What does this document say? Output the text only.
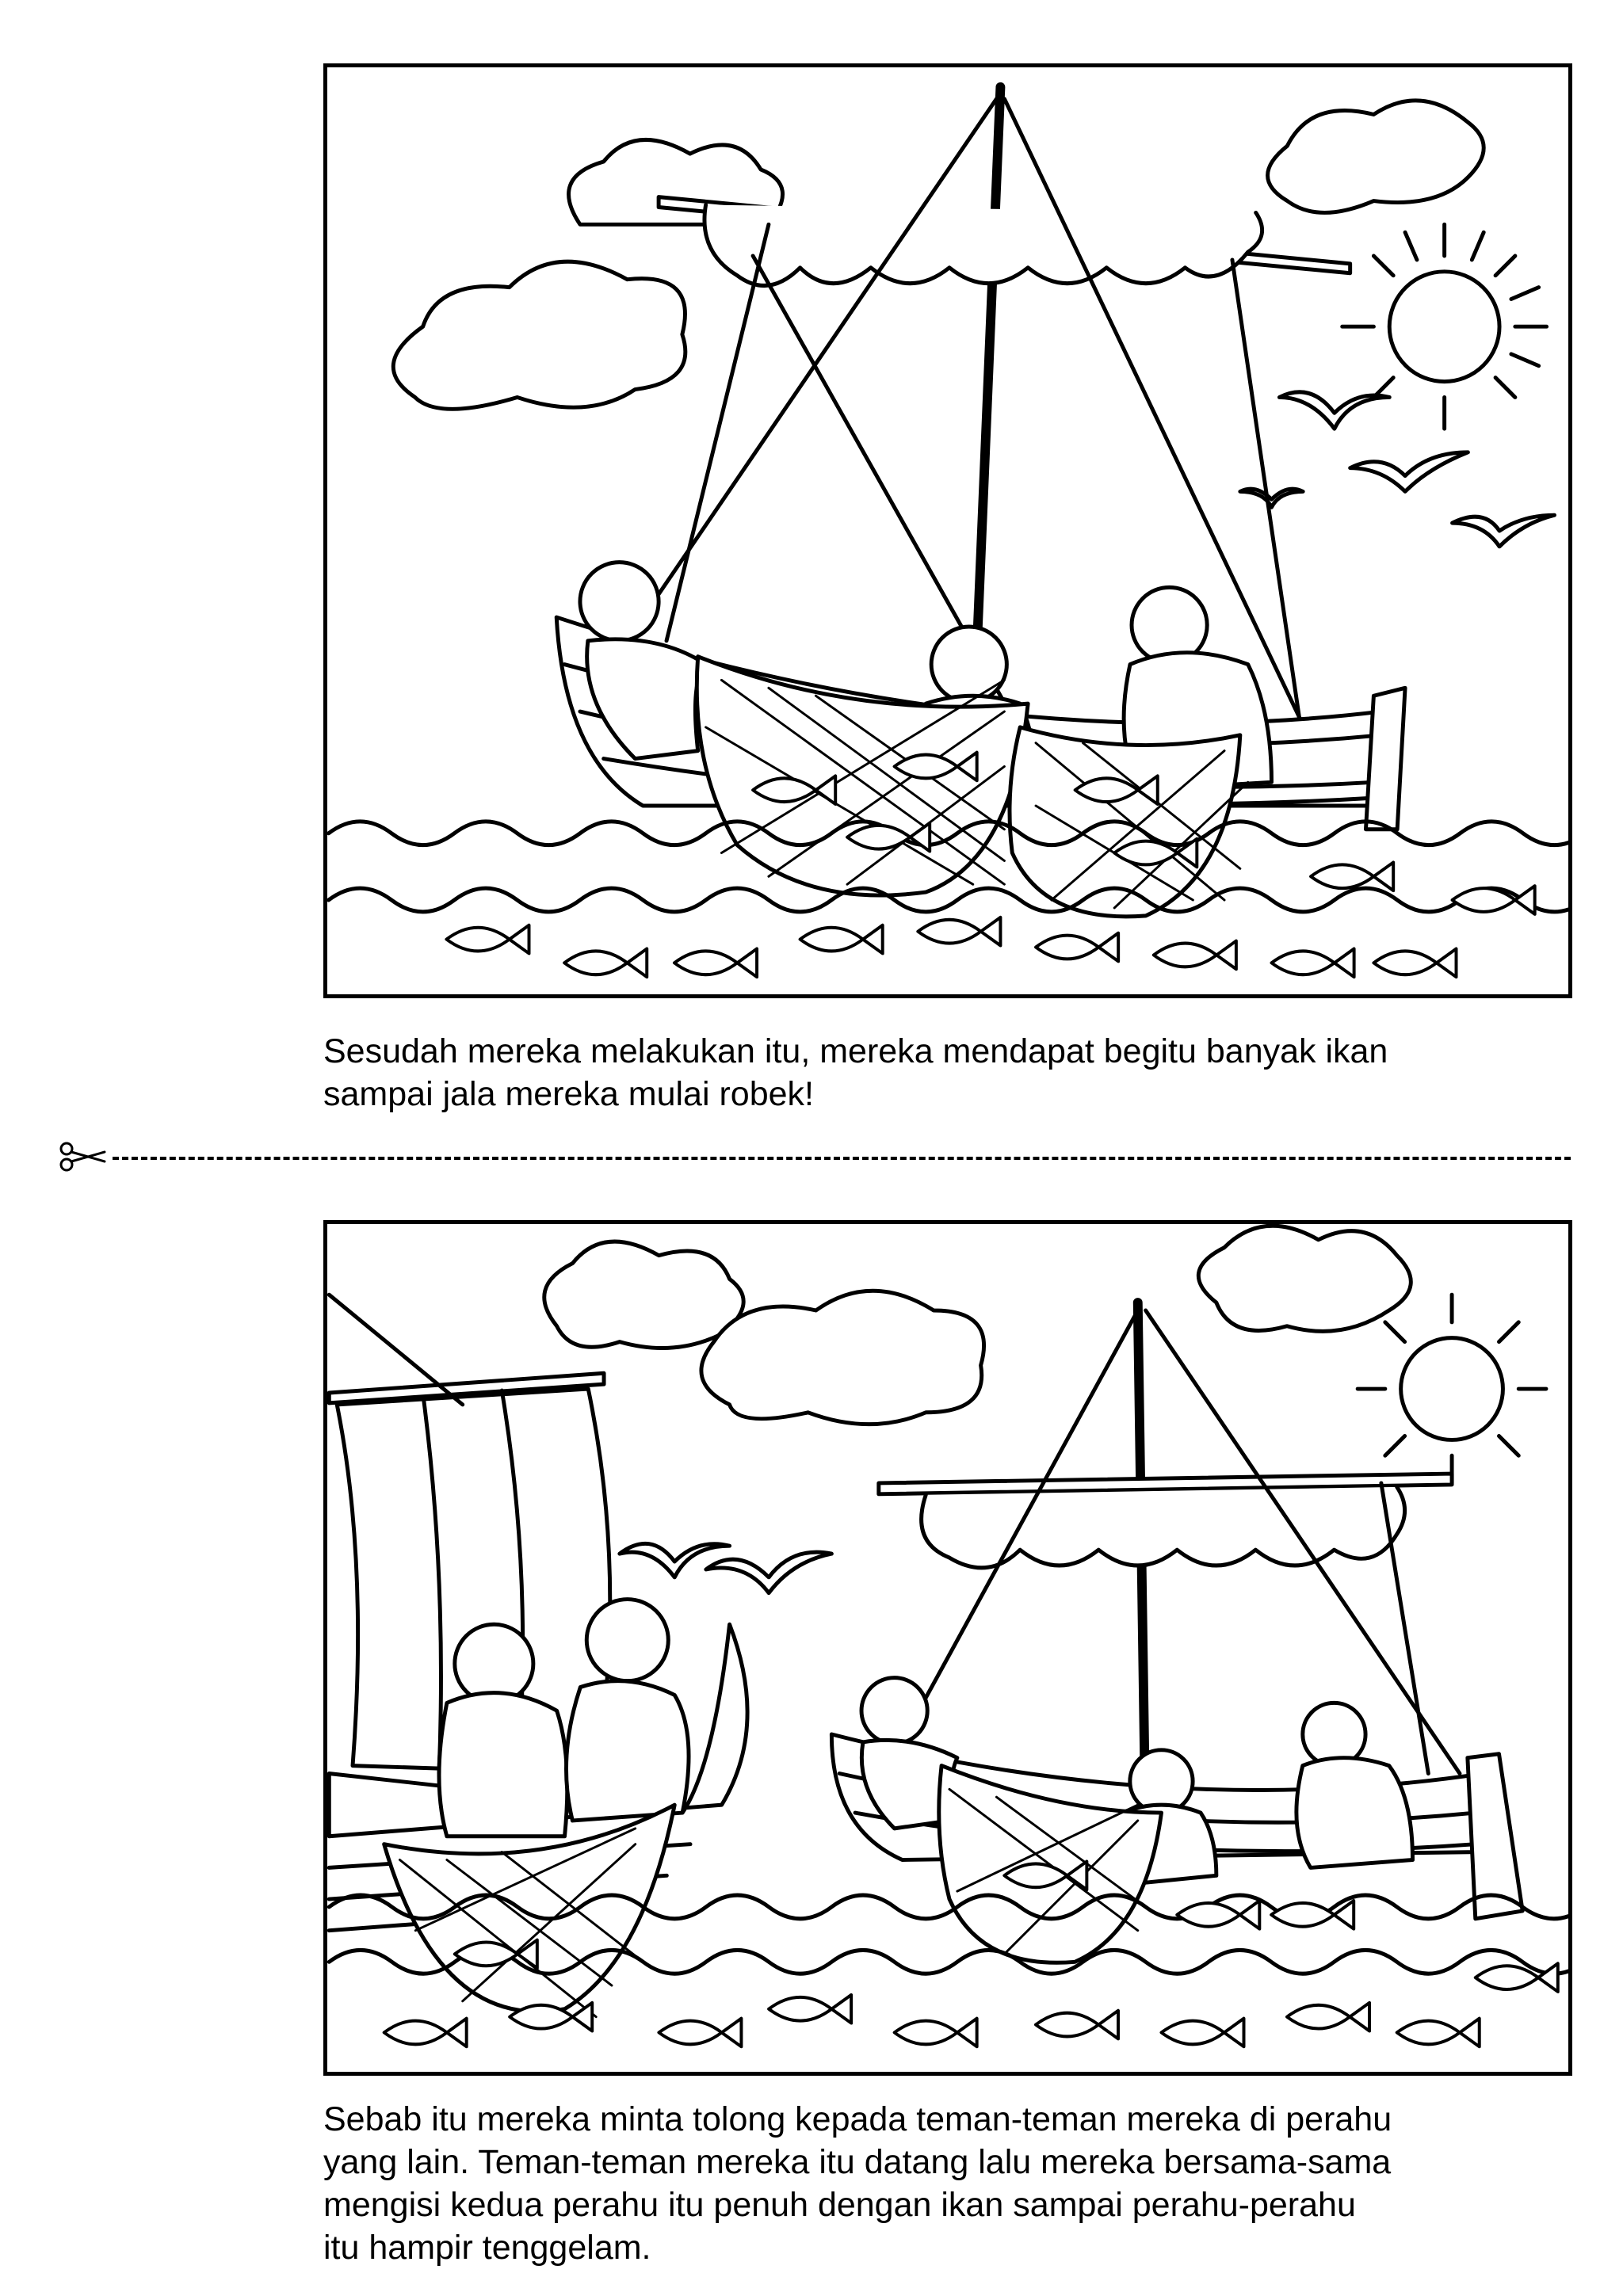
Sesudah mereka melakukan itu, mereka mendapat begitu banyak ikan

sampai jala mereka mulai robek!

Sebab itu mereka minta tolong kepada teman-teman mereka di perahu

yang lain. Teman-teman mereka itu datang lalu mereka bersama-sama

mengisi kedua perahu itu penuh dengan ikan sampai perahu-perahu

itu hampir tenggelam.
